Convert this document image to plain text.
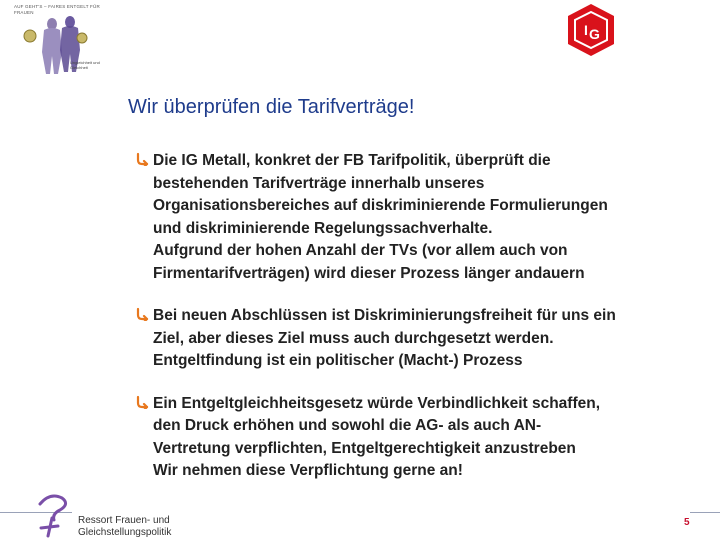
AUF GEHT'S – FAIRES ENTGELT FÜR FRAUEN
Ungleichheit und Gleichheit
I G
Wir überprüfen die Tarifverträge!
Die IG Metall, konkret der FB Tarifpolitik, überprüft die
bestehenden Tarifverträge innerhalb unseres
Organisationsbereiches auf diskriminierende Formulierungen
und diskriminierende Regelungssachverhalte.
Aufgrund der hohen Anzahl der TVs (vor allem auch von
Firmentarifverträgen) wird dieser Prozess länger andauern
Bei neuen Abschlüssen ist Diskriminierungsfreiheit für uns ein
Ziel, aber dieses Ziel muss auch durchgesetzt werden.
Entgeltfindung ist ein politischer (Macht-) Prozess
Ein Entgeltgleichheitsgesetz würde Verbindlichkeit schaffen,
den Druck erhöhen und sowohl die AG- als auch AN-
Vertretung verpflichten, Entgeltgerechtigkeit anzustreben
Wir nehmen diese Verpflichtung gerne an!
Ressort Frauen- und
Gleichstellungspolitik
5
